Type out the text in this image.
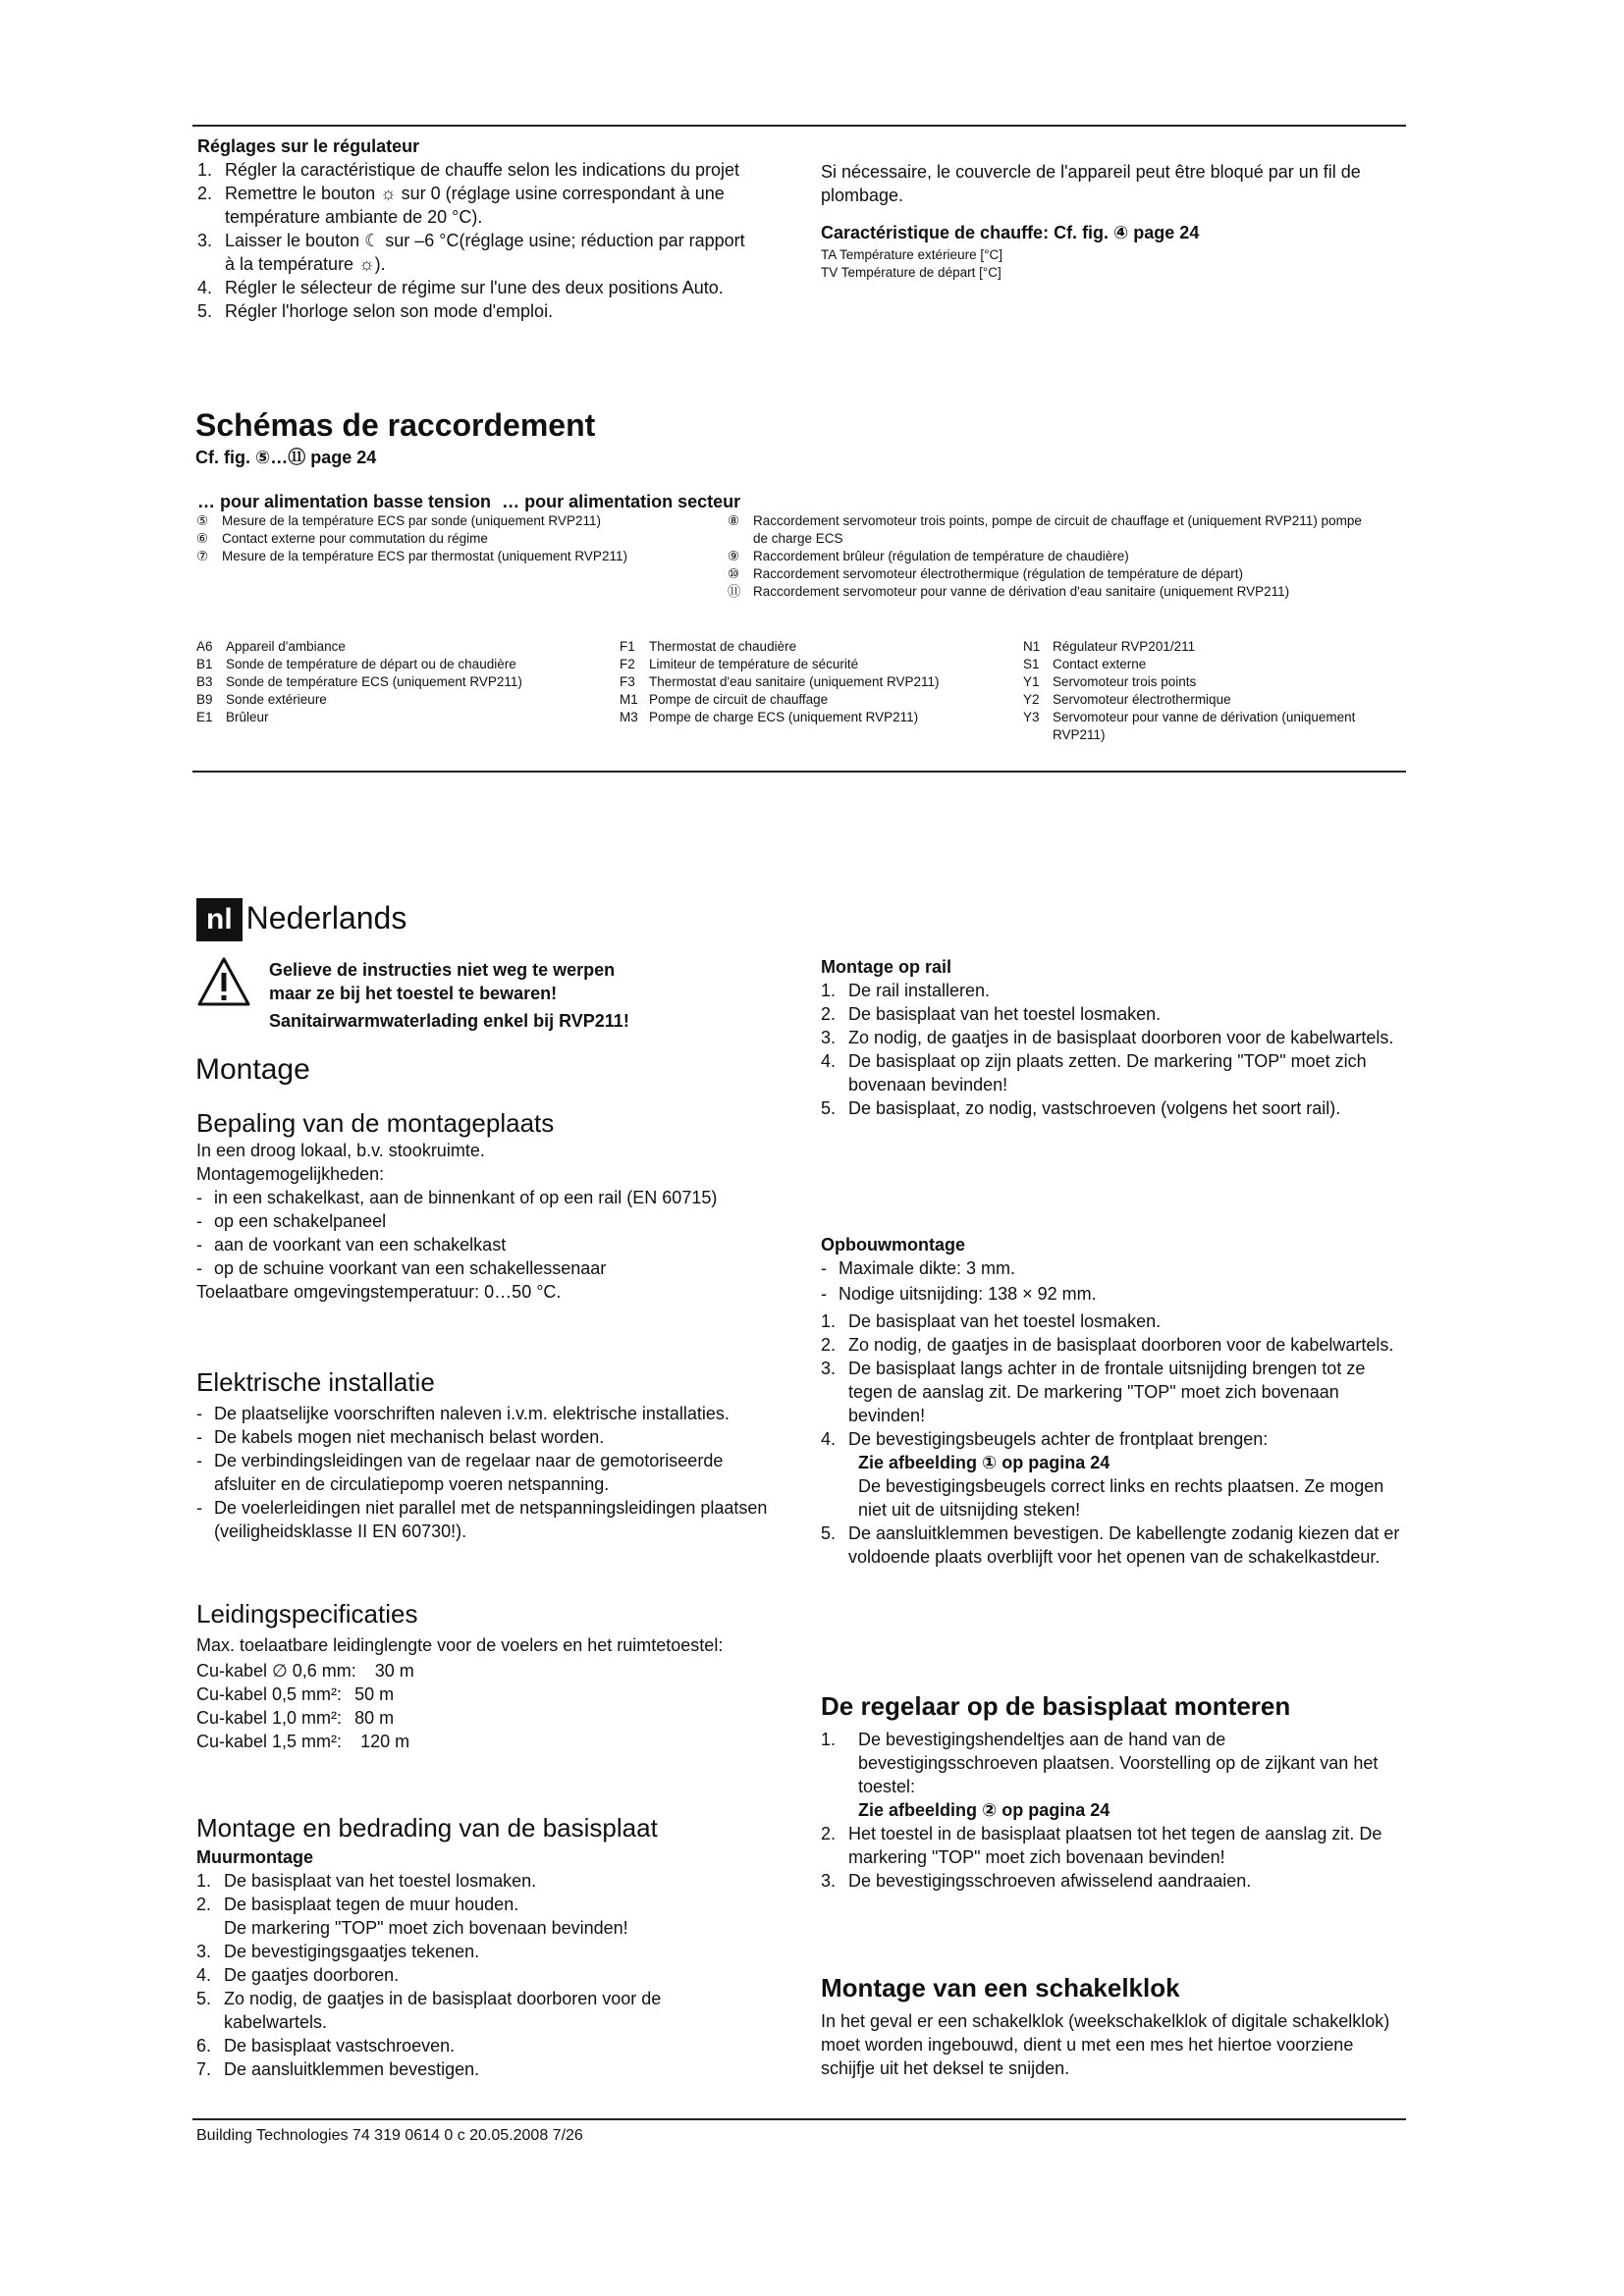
Réglages sur le régulateur

1. Régler la caractéristique de chauffe selon les indications du projet
2. Remettre le bouton ☼ sur 0 (réglage usine correspondant à une température ambiante de 20 °C).
3. Laisser le bouton ☾ sur –6 °C(réglage usine; réduction par rapport à la température ☼).
4. Régler le sélecteur de régime sur l'une des deux positions Auto.
5. Régler l'horloge selon son mode d'emploi.

Si nécessaire, le couvercle de l'appareil peut être bloqué par un fil de plombage.

Caractéristique de chauffe: Cf. fig. ④ page 24

TA Température extérieure [°C]

TV Température de départ [°C]

Schémas de raccordement

Cf. fig. ⑤…⑪ page 24

… pour alimentation basse tension … pour alimentation secteur
⑤ Mesure de la température ECS par sonde (uniquement RVP211)
⑥ Contact externe pour commutation du régime
⑦ Mesure de la température ECS par thermostat (uniquement RVP211)
⑧ Raccordement servomoteur trois points, pompe de circuit de chauffage et (uniquement RVP211) pompe de charge ECS
⑨ Raccordement brûleur (régulation de température de chaudière)
⑩ Raccordement servomoteur électrothermique (régulation de température de départ)
⑪ Raccordement servomoteur pour vanne de dérivation d'eau sanitaire (uniquement RVP211)
A6 Appareil d'ambiance
B1 Sonde de température de départ ou de chaudière
B3 Sonde de température ECS (uniquement RVP211)
B9 Sonde extérieure
E1 Brûleur
F1 Thermostat de chaudière
F2 Limiteur de température de sécurité
F3 Thermostat d'eau sanitaire (uniquement RVP211)
M1 Pompe de circuit de chauffage
M3 Pompe de charge ECS (uniquement RVP211)
N1 Régulateur RVP201/211
S1 Contact externe
Y1 Servomoteur trois points
Y2 Servomoteur électrothermique
Y3 Servomoteur pour vanne de dérivation (uniquement RVP211)
nl Nederlands

Gelieve de instructies niet weg te werpen

maar ze bij het toestel te bewaren!

Sanitairwarmwaterlading enkel bij RVP211!

Montage

Bepaling van de montageplaats

In een droog lokaal, b.v. stookruimte.

Montagemogelijkheden:

- in een schakelkast, aan de binnenkant of op een rail (EN 60715)
- op een schakelpaneel
- aan de voorkant van een schakelkast
- op de schuine voorkant van een schakellessenaar

Toelaatbare omgevingstemperatuur: 0…50 °C.

Elektrische installatie

- De plaatselijke voorschriften naleven i.v.m. elektrische installaties.
- De kabels mogen niet mechanisch belast worden.
- De verbindingsleidingen van de regelaar naar de gemotoriseerde afsluiter en de circulatiepomp voeren netspanning.
- De voelerleidingen niet parallel met de netspanningsleidingen plaatsen (veiligheidsklasse II EN 60730!).

Leidingspecificaties

Max. toelaatbare leidinglengte voor de voelers en het ruimtetoestel:

Cu-kabel ∅ 0,6 mm: 30 m
Cu-kabel 0,5 mm²: 50 m
Cu-kabel 1,0 mm²: 80 m
Cu-kabel 1,5 mm²: 120 m

Montage en bedrading van de basisplaat

Muurmontage

1. De basisplaat van het toestel losmaken.
2. De basisplaat tegen de muur houden.
De markering "TOP" moet zich bovenaan bevinden!
3. De bevestigingsgaatjes tekenen.
4. De gaatjes doorboren.
5. Zo nodig, de gaatjes in de basisplaat doorboren voor de kabelwartels.
6. De basisplaat vastschroeven.
7. De aansluitklemmen bevestigen.

Montage op rail

1. De rail installeren.
2. De basisplaat van het toestel losmaken.
3. Zo nodig, de gaatjes in de basisplaat doorboren voor de kabelwartels.
4. De basisplaat op zijn plaats zetten. De markering "TOP" moet zich bovenaan bevinden!
5. De basisplaat, zo nodig, vastschroeven (volgens het soort rail).

Opbouwmontage

- Maximale dikte: 3 mm.
- Nodige uitsnijding: 138 × 92 mm.
1. De basisplaat van het toestel losmaken.
2. Zo nodig, de gaatjes in de basisplaat doorboren voor de kabelwartels.
3. De basisplaat langs achter in de frontale uitsnijding brengen tot ze tegen de aanslag zit. De markering "TOP" moet zich bovenaan bevinden!
4. De bevestigingsbeugels achter de frontplaat brengen:

Zie afbeelding ① op pagina 24

De bevestigingsbeugels correct links en rechts plaatsen. Ze mogen niet uit de uitsnijding steken!

5. De aansluitklemmen bevestigen. De kabellengte zodanig kiezen dat er voldoende plaats overblijft voor het openen van de schakelkastdeur.

De regelaar op de basisplaat monteren

1. De bevestigingshendeltjes aan de hand van de bevestigingsschroeven plaatsen. Voorstelling op de zijkant van het toestel:

Zie afbeelding ② op pagina 24

2. Het toestel in de basisplaat plaatsen tot het tegen de aanslag zit. De markering "TOP" moet zich bovenaan bevinden!
3. De bevestigingsschroeven afwisselend aandraaien.

Montage van een schakelklok

In het geval er een schakelklok (weekschakelklok of digitale schakelklok) moet worden ingebouwd, dient u met een mes het hiertoe voorziene schijfje uit het deksel te snijden.

Building Technologies 74 319 0614 0 c 20.05.2008 7/26
